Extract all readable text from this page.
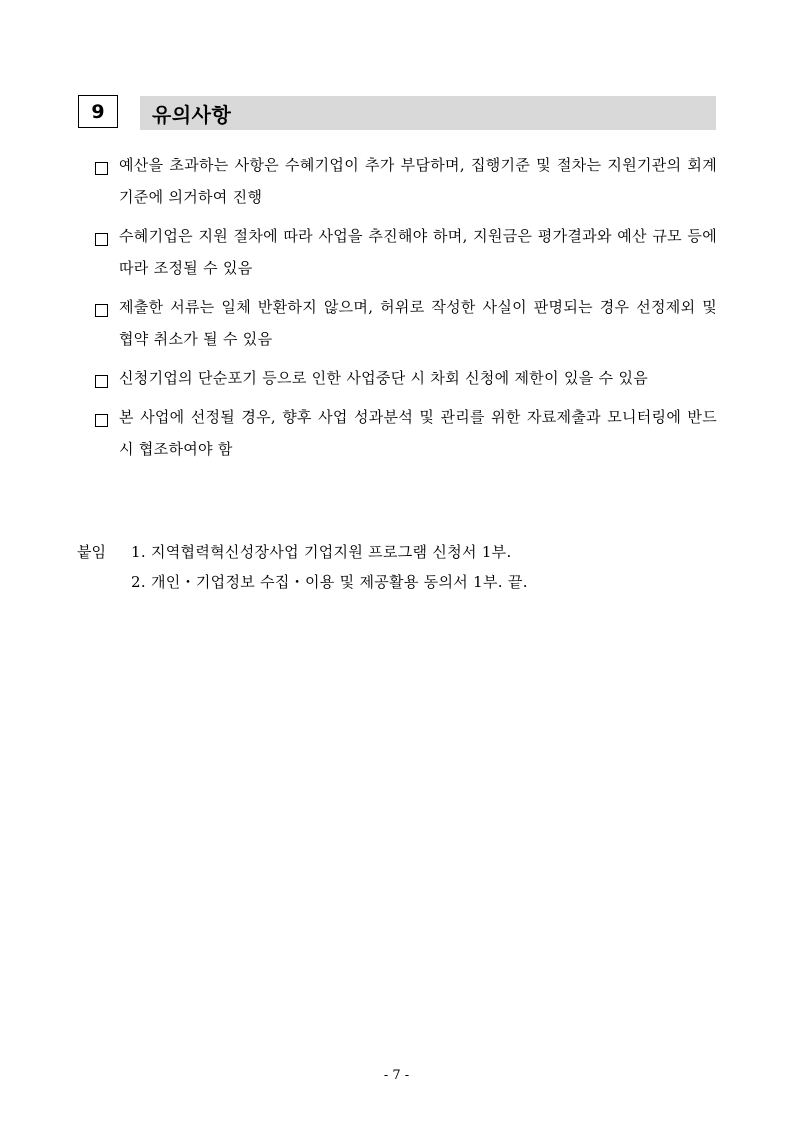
9	유의사항
예산을 초과하는 사항은 수혜기업이 추가 부담하며, 집행기준 및 절차는 지원기관의 회계기준에 의거하여 진행
수혜기업은 지원 절차에 따라 사업을 추진해야 하며, 지원금은 평가결과와 예산 규모 등에 따라 조정될 수 있음
제출한 서류는 일체 반환하지 않으며, 허위로 작성한 사실이 판명되는 경우 선정제외 및 협약 취소가 될 수 있음
신청기업의 단순포기 등으로 인한 사업중단 시 차회 신청에 제한이 있을 수 있음
본 사업에 선정될 경우, 향후 사업 성과분석 및 관리를 위한 자료제출과 모니터링에 반드시 협조하여야 함
붙임	1. 지역협력혁신성장사업 기업지원 프로그램 신청서 1부.
2. 개인・기업정보 수집・이용 및 제공활용 동의서 1부. 끝.
- 7 -
